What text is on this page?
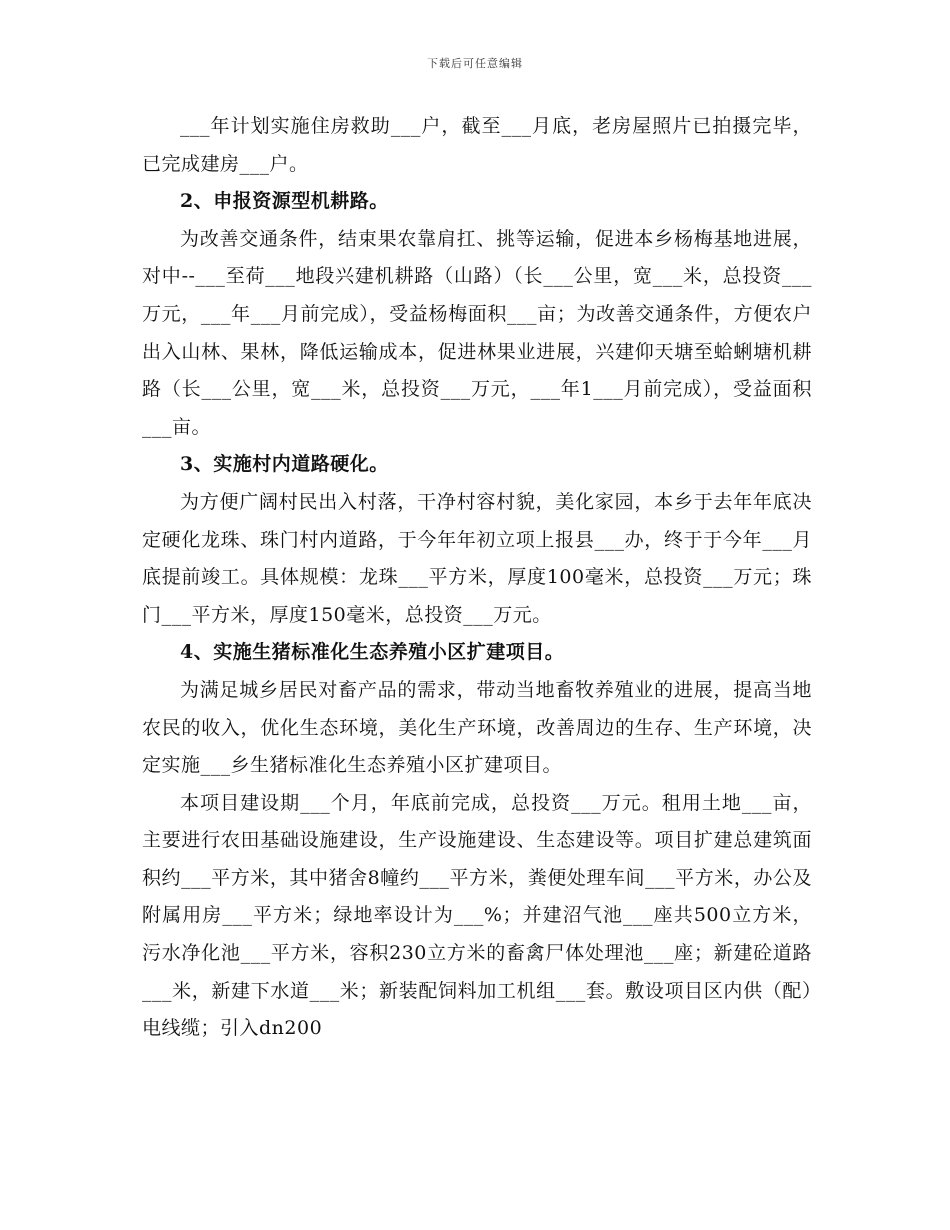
下载后可任意编辑

___年计划实施住房救助___户，截至___月底，老房屋照片已拍摄完毕，已完成建房___户。

2、申报资源型机耕路。

为改善交通条件，结束果农靠肩扛、挑等运输，促进本乡杨梅基地进展，对中--___至荷___地段兴建机耕路（山路）（长___公里，宽___米，总投资___万元，___年___月前完成），受益杨梅面积___亩；为改善交通条件，方便农户出入山林、果林，降低运输成本，促进林果业进展，兴建仰天塘至蛤蜊塘机耕路（长___公里，宽___米，总投资___万元，___年1___月前完成），受益面积___亩。

3、实施村内道路硬化。

为方便广阔村民出入村落，干净村容村貌，美化家园，本乡于去年年底决定硬化龙珠、珠门村内道路，于今年年初立项上报县___办，终于于今年___月底提前竣工。具体规模：龙珠___平方米，厚度100毫米，总投资___万元；珠门___平方米，厚度150毫米，总投资___万元。

4、实施生猪标准化生态养殖小区扩建项目。

为满足城乡居民对畜产品的需求，带动当地畜牧养殖业的进展，提高当地农民的收入，优化生态环境，美化生产环境，改善周边的生存、生产环境，决定实施___乡生猪标准化生态养殖小区扩建项目。

本项目建设期___个月，年底前完成，总投资___万元。租用土地___亩，主要进行农田基础设施建设，生产设施建设、生态建设等。项目扩建总建筑面积约___平方米，其中猪舍8幢约___平方米，粪便处理车间___平方米，办公及附属用房___平方米；绿地率设计为___%；并建沼气池___座共500立方米，污水净化池___平方米，容积230立方米的畜禽尸体处理池___座；新建砼道路___米，新建下水道___米；新装配饲料加工机组___套。敷设项目区内供（配）电线缆；引入dn200
